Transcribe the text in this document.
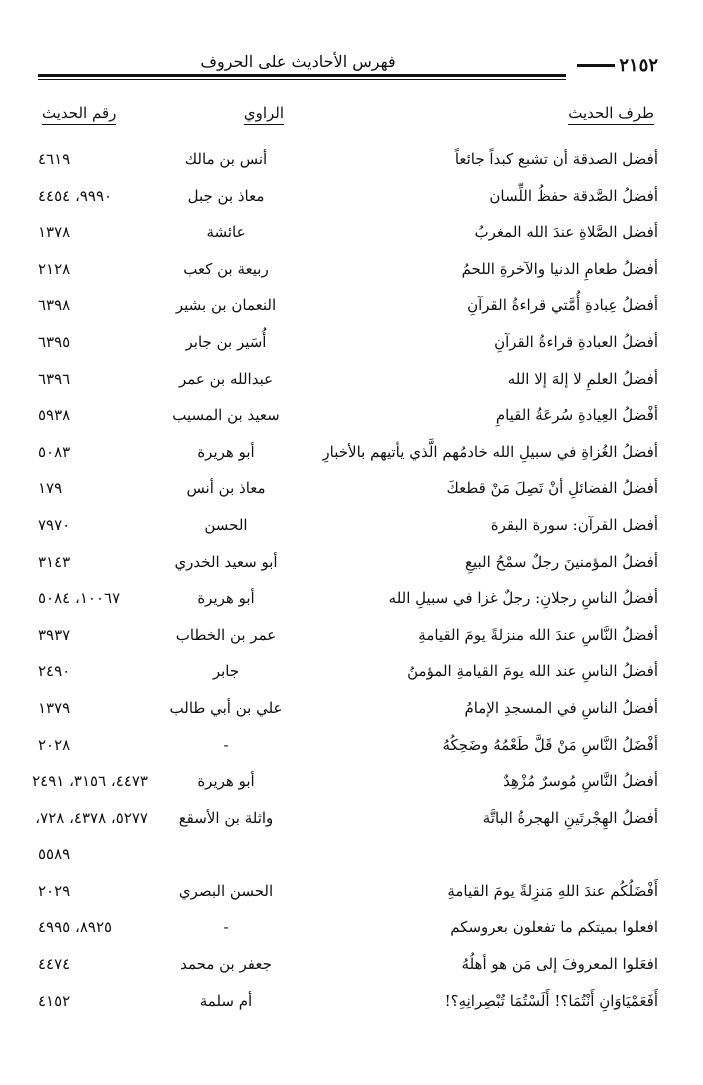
فهرس الأحاديث على الحروف	٢١٥٢
طرف الحديث
الراوي
رقم الحديث
أفضل الصدقة أن تشبع كبداً جائعاً
أنس بن مالك
٤٦١٩
أفضلُ الصَّدقة حفظُ اللِّسان
معاذ بن جبل
٩٩٩٠، ٤٤٥٤
أفضل الصَّلاةِ عندَ الله المغربُ
عائشة
١٣٧٨
أفضلُ طعامِ الدنيا والآخرةِ اللحمُ
ربيعة بن كعب
٢١٢٨
أفضلُ عِبادةِ أُمَّتي قراءةُ القرآنِ
النعمان بن بشير
٦٣٩٨
أفضلُ العبادةِ قراءةُ القرآنِ
أُسَير بن جابر
٦٣٩٥
أفضلُ العلمِ لا إلهَ إلا الله
عبدالله بن عمر
٦٣٩٦
أفْضلُ العِيادةِ سُرعَةُ القيامِ
سعيد بن المسيب
٥٩٣٨
أفضلُ الغُزاةِ في سبيلِ الله خادمُهم الَّذي يأتيهم بالأخبارِ
أبو هريرة
٥٠٨٣
أفضلُ الفضائلِ أنْ تَصِلَ مَنْ قطعكَ
معاذ بن أنس
١٧٩
أفضل القرآن: سورة البقرة
الحسن
٧٩٧٠
أفضلُ المؤمنينَ رجلٌ سمْحُ البيعِ
أبو سعيد الخدري
٣١٤٣
أفضلُ الناسِ رجلانِ: رجلٌ غزا في سبيلِ الله
أبو هريرة
١٠٠٦٧، ٥٠٨٤
أفضلُ النَّاسِ عندَ الله منزلةً يومَ القيامةِ
عمر بن الخطاب
٣٩٣٧
أفضلُ الناسِ عند الله يومَ القيامةِ المؤمنُ
جابر
٢٤٩٠
أفضلُ الناسِ في المسجدِ الإمامُ
علي بن أبي طالب
١٣٧٩
أفْضَلُ النَّاسِ مَنْ قَلَّ طَعْمُهُ وضَحِكُهُ
-
٢٠٢٨
أفضلُ النَّاسِ مُوسرٌ مُزْهِدٌ
أبو هريرة
٤٤٧٣، ٣١٥٦، ٢٤٩١
أفضلُ الهِجْرتَينِ الهجرةُ الباتَّة
واثلة بن الأسقع
٥٢٧٧، ٤٣٧٨، ٧٢٨،
٥٥٨٩
أَفْضَلُكُم عندَ اللهِ مَنزِلةً يومَ القيامةِ
الحسن البصري
٢٠٢٩
افعلوا بميتكم ما تفعلون بعروسكم
-
٨٩٢٥، ٤٩٩٥
افعَلوا المعروفَ إلى مَن هو أهلُهُ
جعفر بن محمد
٤٤٧٤
أَفَعَمْيَاوَانِ أَنْتُمَا؟! أَلَسْتُمَا تُبْصِرانِهِ؟!
أم سلمة
٤١٥٢
